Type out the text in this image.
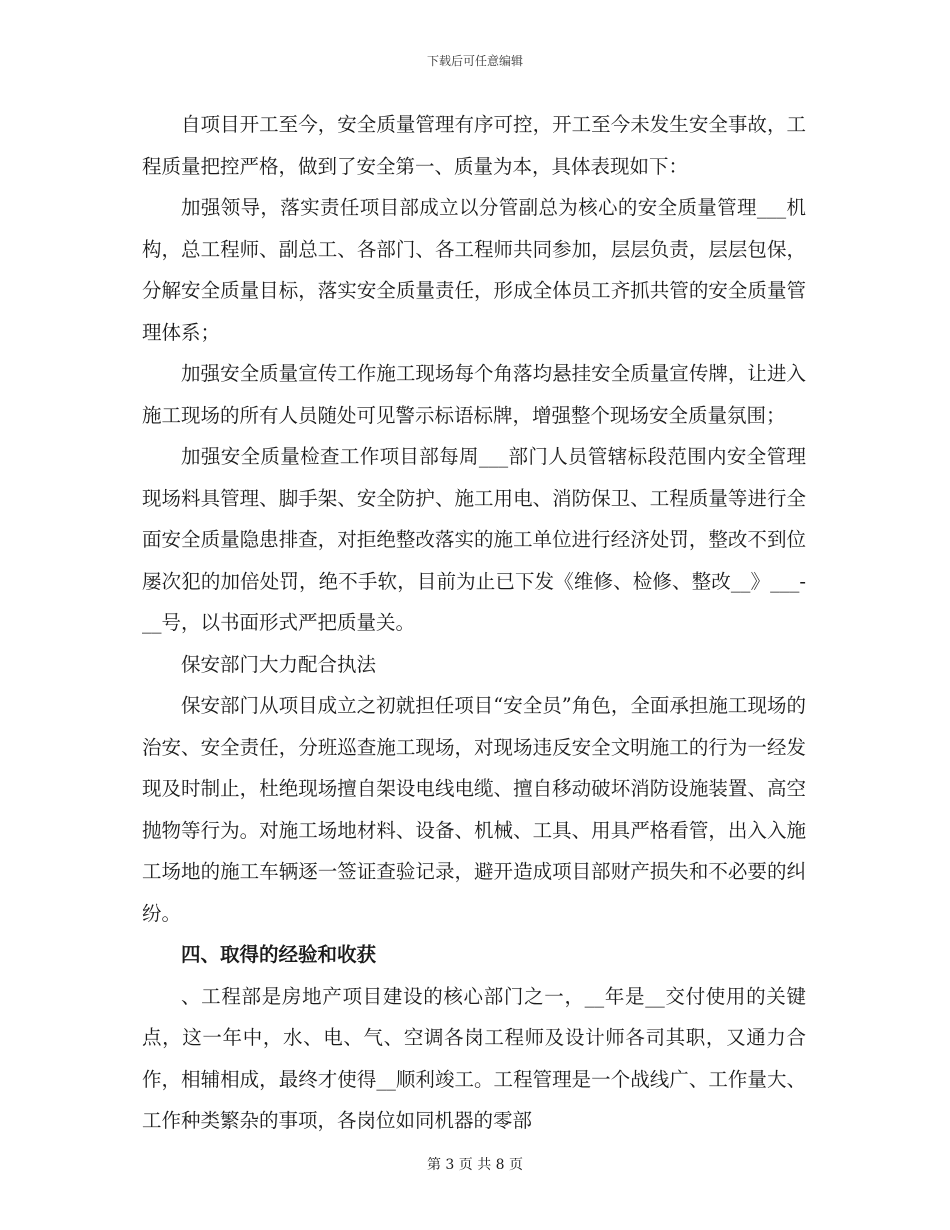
下载后可任意编辑

自项目开工至今，安全质量管理有序可控，开工至今未发生安全事故，工程质量把控严格，做到了安全第一、质量为本，具体表现如下：

加强领导，落实责任项目部成立以分管副总为核心的安全质量管理___机构，总工程师、副总工、各部门、各工程师共同参加，层层负责，层层包保，分解安全质量目标，落实安全质量责任，形成全体员工齐抓共管的安全质量管理体系；

加强安全质量宣传工作施工现场每个角落均悬挂安全质量宣传牌，让进入施工现场的所有人员随处可见警示标语标牌，增强整个现场安全质量氛围；

加强安全质量检查工作项目部每周___部门人员管辖标段范围内安全管理现场料具管理、脚手架、安全防护、施工用电、消防保卫、工程质量等进行全面安全质量隐患排查，对拒绝整改落实的施工单位进行经济处罚，整改不到位屡次犯的加倍处罚，绝不手软，目前为止已下发《维修、检修、整改__》___-__号，以书面形式严把质量关。

保安部门大力配合执法

保安部门从项目成立之初就担任项目“安全员”角色，全面承担施工现场的治安、安全责任，分班巡查施工现场，对现场违反安全文明施工的行为一经发现及时制止，杜绝现场擅自架设电线电缆、擅自移动破坏消防设施装置、高空抛物等行为。对施工场地材料、设备、机械、工具、用具严格看管，出入入施工场地的施工车辆逐一签证查验记录，避开造成项目部财产损失和不必要的纠纷。

四、取得的经验和收获

、工程部是房地产项目建设的核心部门之一，__年是__交付使用的关键点，这一年中，水、电、气、空调各岗工程师及设计师各司其职，又通力合作，相辅相成，最终才使得__顺利竣工。工程管理是一个战线广、工作量大、工作种类繁杂的事项，各岗位如同机器的零部

第 3 页 共 8 页
